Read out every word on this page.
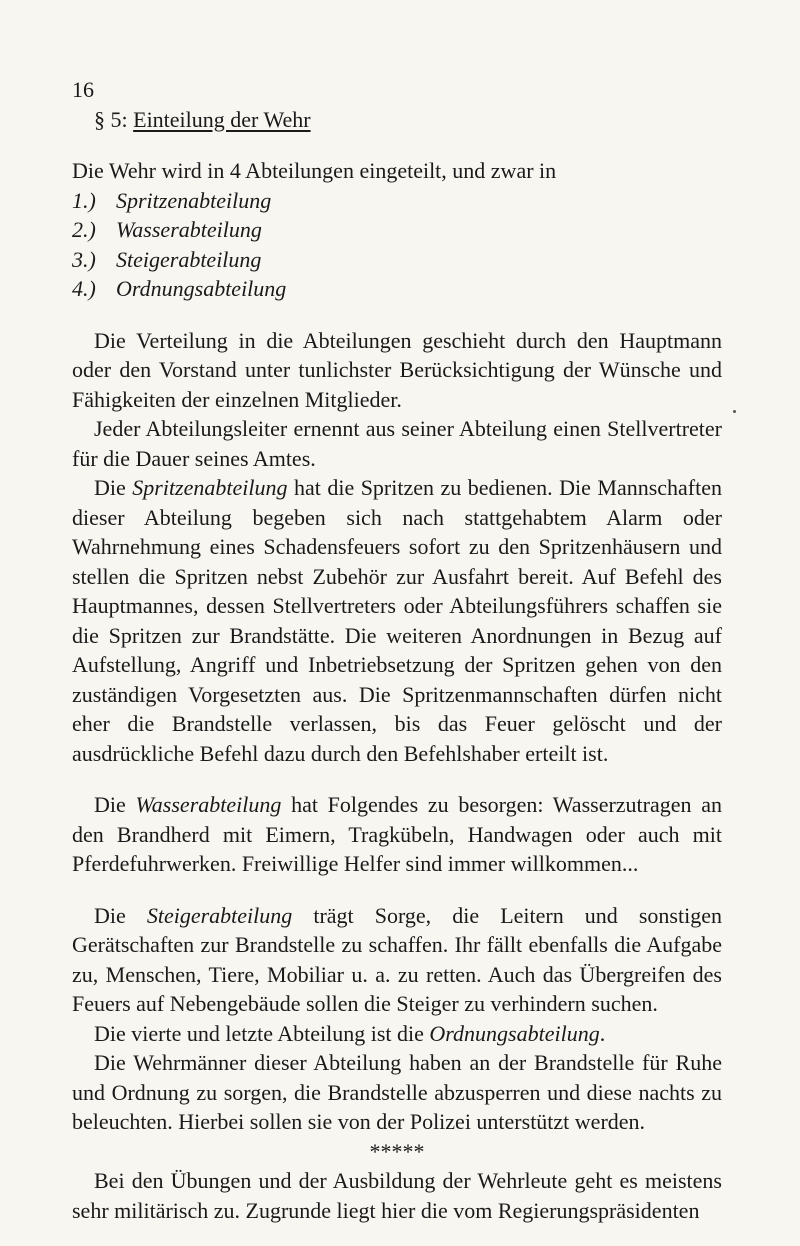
16
§ 5: Einteilung der Wehr

Die Wehr wird in 4 Abteilungen eingeteilt, und zwar in

1.) Spritzenabteilung
2.) Wasserabteilung
3.) Steigerabteilung
4.) Ordnungsabteilung

Die Verteilung in die Abteilungen geschieht durch den Hauptmann oder den Vorstand unter tunlichster Berücksichtigung der Wünsche und Fähigkeiten der einzelnen Mitglieder.

Jeder Abteilungsleiter ernennt aus seiner Abteilung einen Stellvertreter für die Dauer seines Amtes.

Die Spritzenabteilung hat die Spritzen zu bedienen. Die Mannschaften dieser Abteilung begeben sich nach stattgehabtem Alarm oder Wahrnehmung eines Schadensfeuers sofort zu den Spritzenhäusern und stellen die Spritzen nebst Zubehör zur Ausfahrt bereit. Auf Befehl des Hauptmannes, dessen Stellvertreters oder Abteilungsführers schaffen sie die Spritzen zur Brandstätte. Die weiteren Anordnungen in Bezug auf Aufstellung, Angriff und Inbetriebsetzung der Spritzen gehen von den zuständigen Vorgesetzten aus. Die Spritzenmannschaften dürfen nicht eher die Brandstelle verlassen, bis das Feuer gelöscht und der ausdrückliche Befehl dazu durch den Befehlshaber erteilt ist.

Die Wasserabteilung hat Folgendes zu besorgen: Wasserzutragen an den Brandherd mit Eimern, Tragkübeln, Handwagen oder auch mit Pferdefuhrwerken. Freiwillige Helfer sind immer willkommen...

Die Steigerabteilung trägt Sorge, die Leitern und sonstigen Gerätschaften zur Brandstelle zu schaffen. Ihr fällt ebenfalls die Aufgabe zu, Menschen, Tiere, Mobiliar u. a. zu retten. Auch das Übergreifen des Feuers auf Nebengebäude sollen die Steiger zu verhindern suchen.

Die vierte und letzte Abteilung ist die Ordnungsabteilung.

Die Wehrmänner dieser Abteilung haben an der Brandstelle für Ruhe und Ordnung zu sorgen, die Brandstelle abzusperren und diese nachts zu beleuchten. Hierbei sollen sie von der Polizei unterstützt werden.

*****

Bei den Übungen und der Ausbildung der Wehrleute geht es meistens sehr militärisch zu. Zugrunde liegt hier die vom Regierungspräsidenten
